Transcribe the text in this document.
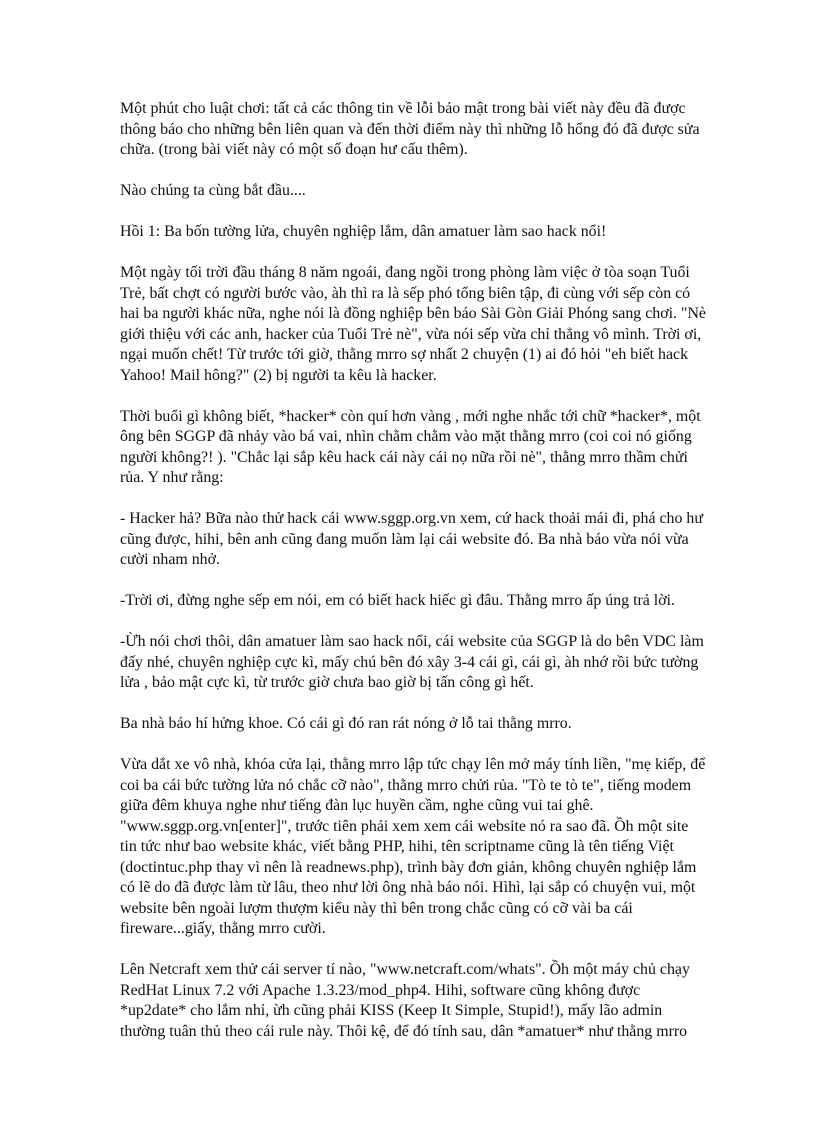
Một phút cho luật chơi: tất cả các thông tin về lỗi bảo mật trong bài viết này đều đã được thông báo cho những bên liên quan và đến thời điểm này thì những lỗ hổng đó đã được sửa chữa. (trong bài viết này có một số đoạn hư cấu thêm).

Nào chúng ta cùng bắt đầu....

Hồi 1: Ba bốn tường lửa, chuyên nghiệp lắm, dân amatuer làm sao hack nổi!

Một ngày tối trời đầu tháng 8 năm ngoái, đang ngồi trong phòng làm việc ở tòa soạn Tuổi Trẻ, bất chợt có người bước vào, àh thì ra là sếp phó tổng biên tập, đi cùng với sếp còn có hai ba người khác nữa, nghe nói là đồng nghiệp bên báo Sài Gòn Giải Phóng sang chơi. "Nè giới thiệu với các anh, hacker của Tuổi Trẻ nè", vừa nói sếp vừa chỉ thẳng vô mình. Trời ơi, ngại muốn chết! Từ trước tới giờ, thằng mrro sợ nhất 2 chuyện (1) ai đó hỏi "eh biết hack Yahoo! Mail hông?" (2) bị người ta kêu là hacker.

Thời buổi gì không biết, *hacker* còn quí hơn vàng , mới nghe nhắc tới chữ *hacker*, một ông bên SGGP đã nhảy vào bá vai, nhìn chằm chằm vào mặt thằng mrro (coi coi nó giống người không?! ). "Chắc lại sắp kêu hack cái này cái nọ nữa rồi nè", thằng mrro thầm chửi rủa. Y như rằng:

- Hacker hả? Bữa nào thử hack cái www.sggp.org.vn xem, cứ hack thoải mái đi, phá cho hư cũng được, hihi, bên anh cũng đang muốn làm lại cái website đó. Ba nhà báo vừa nói vừa cười nham nhở.

-Trời ơi, đừng nghe sếp em nói, em có biết hack hiếc gì đâu. Thằng mrro ấp úng trả lời.

-Ừh nói chơi thôi, dân amatuer làm sao hack nổi, cái website của SGGP là do bên VDC làm đấy nhé, chuyên nghiệp cực kì, mấy chú bên đó xây 3-4 cái gì, cái gì, àh nhớ rồi bức tường lửa , bảo mật cực kì, từ trước giờ chưa bao giờ bị tấn công gì hết.

Ba nhà báo hí hửng khoe. Có cái gì đó ran rát nóng ở lỗ tai thằng mrro.

Vừa dắt xe vô nhà, khóa cửa lại, thằng mrro lập tức chạy lên mở máy tính liền, "mẹ kiếp, để coi ba cái bức tường lửa nó chắc cỡ nào", thằng mrro chửi rủa. "Tò te tò te", tiếng modem giữa đêm khuya nghe như tiếng đàn lục huyền cầm, nghe cũng vui tai ghê. "www.sggp.org.vn[enter]", trước tiên phải xem xem cái website nó ra sao đã. Ồh một site tin tức như bao website khác, viết bằng PHP, hihi, tên scriptname cũng là tên tiếng Việt (doctintuc.php thay vì nên là readnews.php), trình bày đơn giản, không chuyên nghiệp lắm có lẽ do đã được làm từ lâu, theo như lời ông nhà báo nói. Hìhì, lại sắp có chuyện vui, một website bên ngoài lượm thượm kiểu này thì bên trong chắc cũng có cỡ vài ba cái fireware...giấy, thằng mrro cười.

Lên Netcraft xem thử cái server tí nào, "www.netcraft.com/whats". Ồh một máy chủ chạy RedHat Linux 7.2 với Apache 1.3.23/mod_php4. Hihi, software cũng không được *up2date* cho lắm nhỉ, ừh cũng phải KISS (Keep It Simple, Stupid!), mấy lão admin thường tuân thủ theo cái rule này. Thôi kệ, để đó tính sau, dân *amatuer* như thằng mrro
